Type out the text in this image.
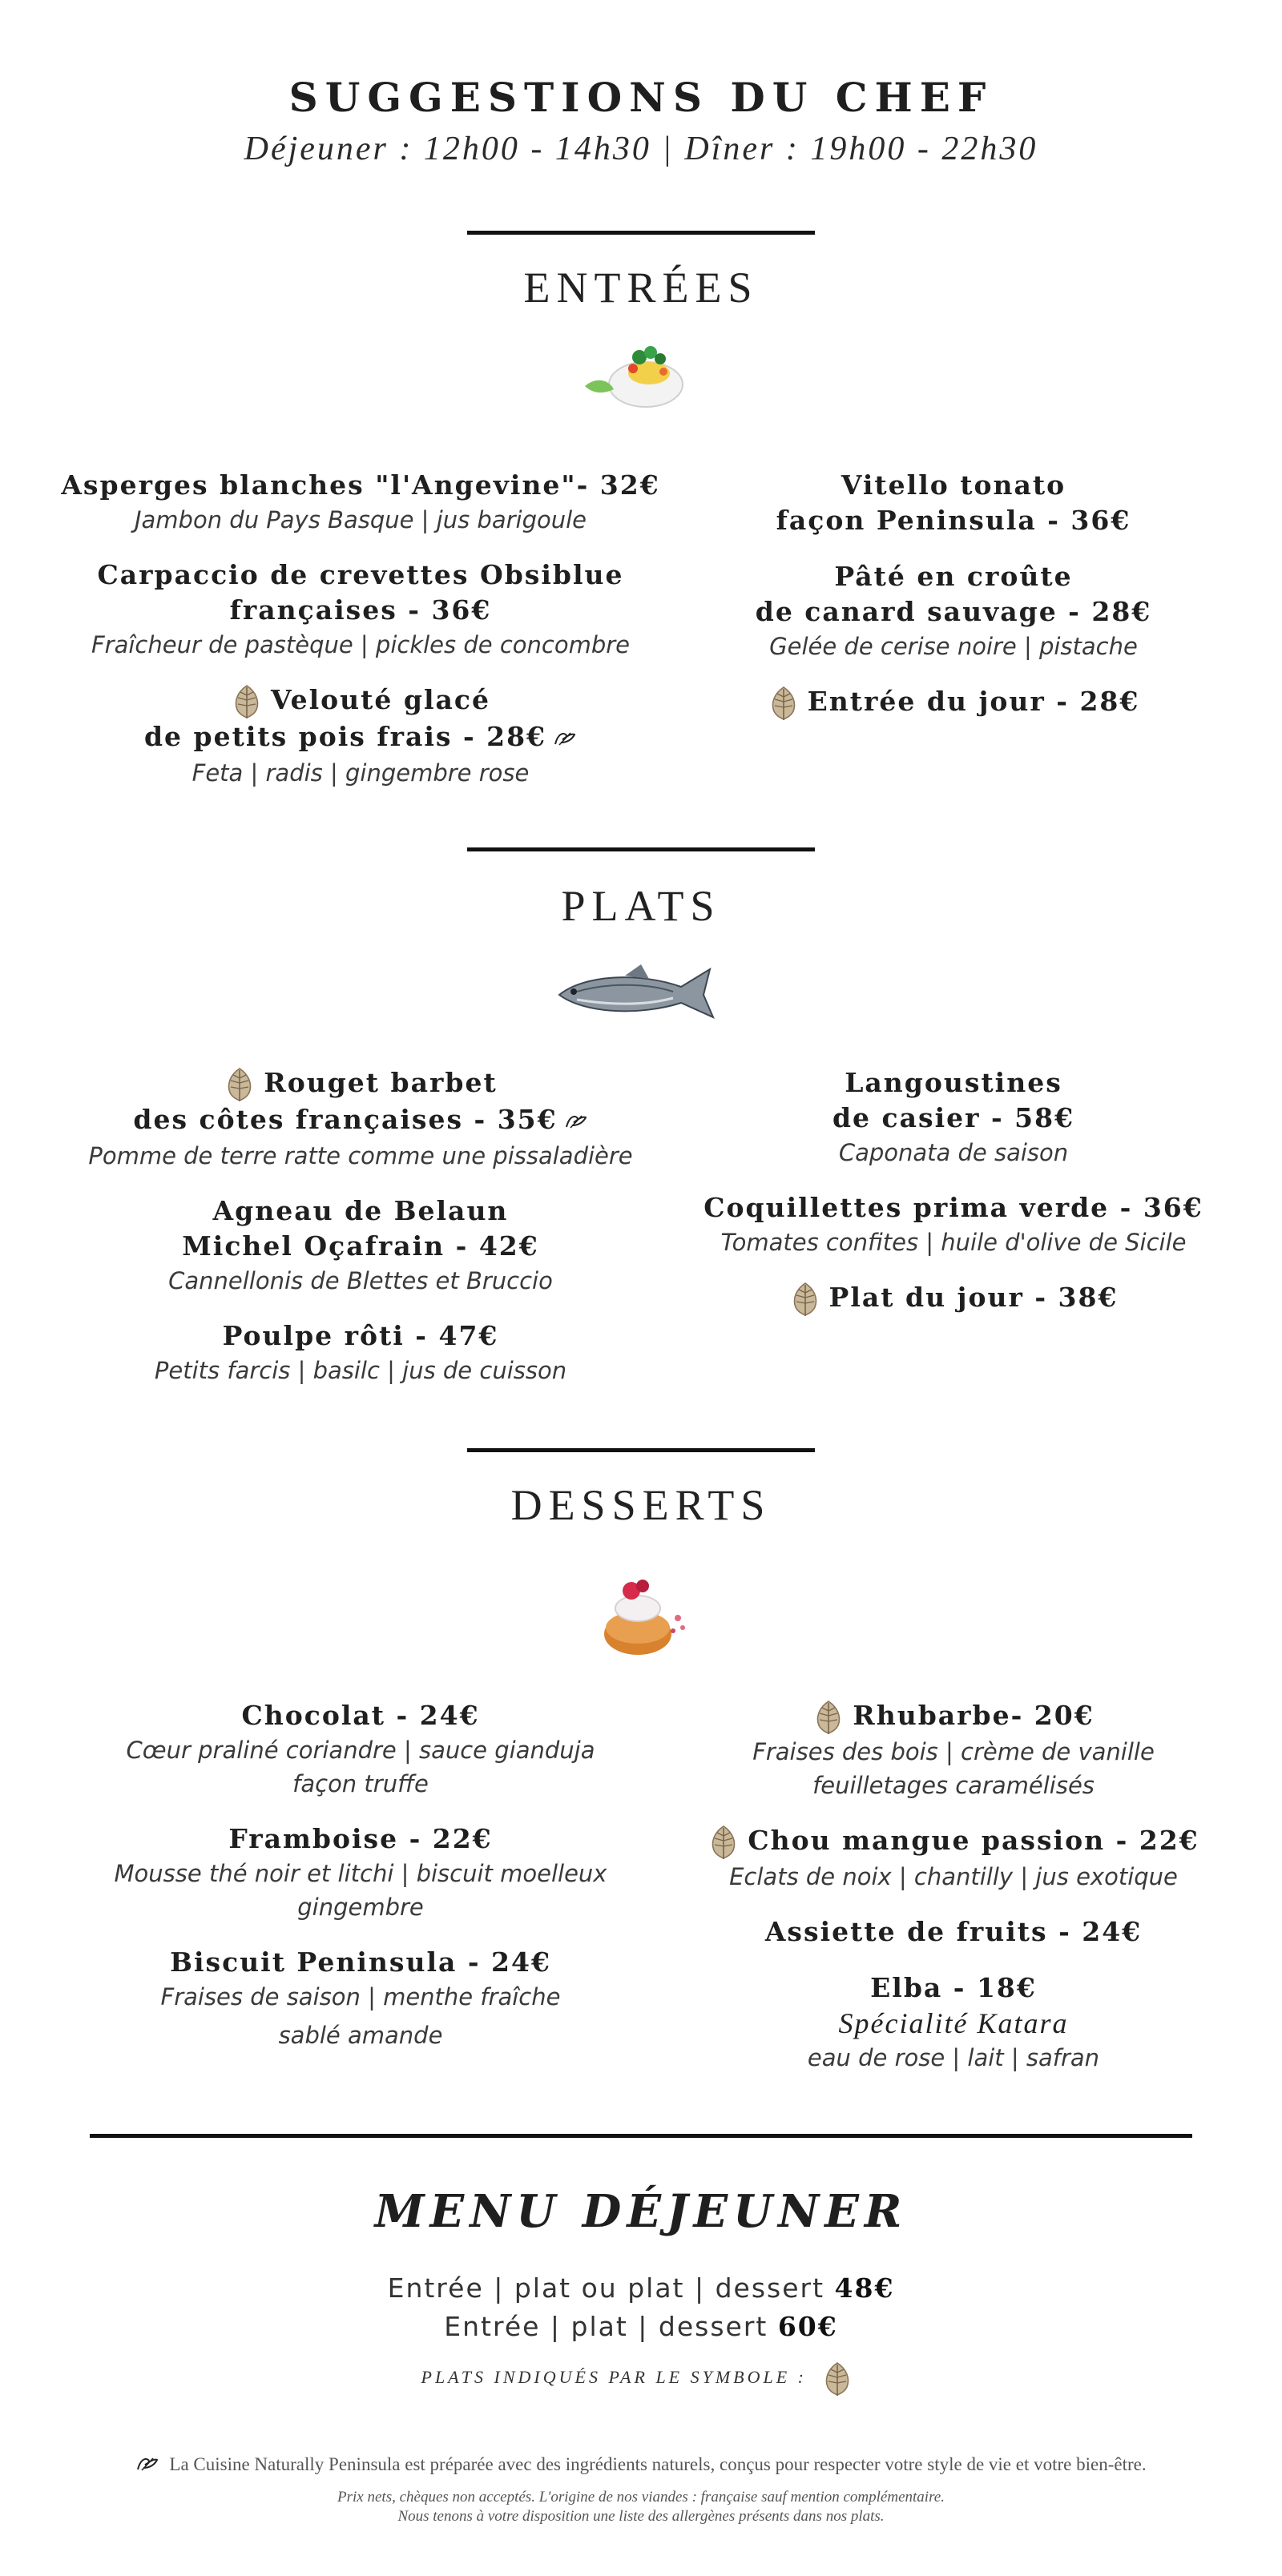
SUGGESTIONS DU CHEF
Déjeuner : 12h00 - 14h30 | Dîner : 19h00 - 22h30
ENTRÉES
Asperges blanches "l'Angevine"- 32€
Jambon du Pays Basque | jus barigoule
Carpaccio de crevettes Obsiblue
françaises - 36€
Fraîcheur de pastèque | pickles de concombre
Velouté glacé
de petits pois frais - 28€
Feta | radis | gingembre rose
Vitello tonato
façon Peninsula - 36€
Pâté en croûte
de canard sauvage - 28€
Gelée de cerise noire | pistache
Entrée du jour - 28€
PLATS
Rouget barbet
des côtes françaises - 35€
Pomme de terre ratte comme une pissaladière
Agneau de Belaun
Michel Oçafrain - 42€
Cannellonis de Blettes et Bruccio
Poulpe rôti - 47€
Petits farcis | basilc | jus de cuisson
Langoustines
de casier - 58€
Caponata de saison
Coquillettes prima verde - 36€
Tomates confites | huile d'olive de Sicile
Plat du jour - 38€
DESSERTS
Chocolat - 24€
Cœur praliné coriandre | sauce gianduja
façon truffe
Framboise - 22€
Mousse thé noir et litchi | biscuit moelleux
gingembre
Biscuit Peninsula - 24€
Fraises de saison | menthe fraîche
sablé amande
Rhubarbe- 20€
Fraises des bois | crème de vanille
feuilletages caramélisés
Chou mangue passion - 22€
Eclats de noix | chantilly | jus exotique
Assiette de fruits - 24€
Elba - 18€
Spécialité Katara
eau de rose | lait | safran
MENU DÉJEUNER
Entrée | plat ou plat | dessert 48€
Entrée | plat | dessert 60€
PLATS INDIQUÉS PAR LE SYMBOLE :
La Cuisine Naturally Peninsula est préparée avec des ingrédients naturels, conçus pour respecter votre style de vie et votre bien-être.
Prix nets, chèques non acceptés. L'origine de nos viandes : française sauf mention complémentaire.
Nous tenons à votre disposition une liste des allergènes présents dans nos plats.
